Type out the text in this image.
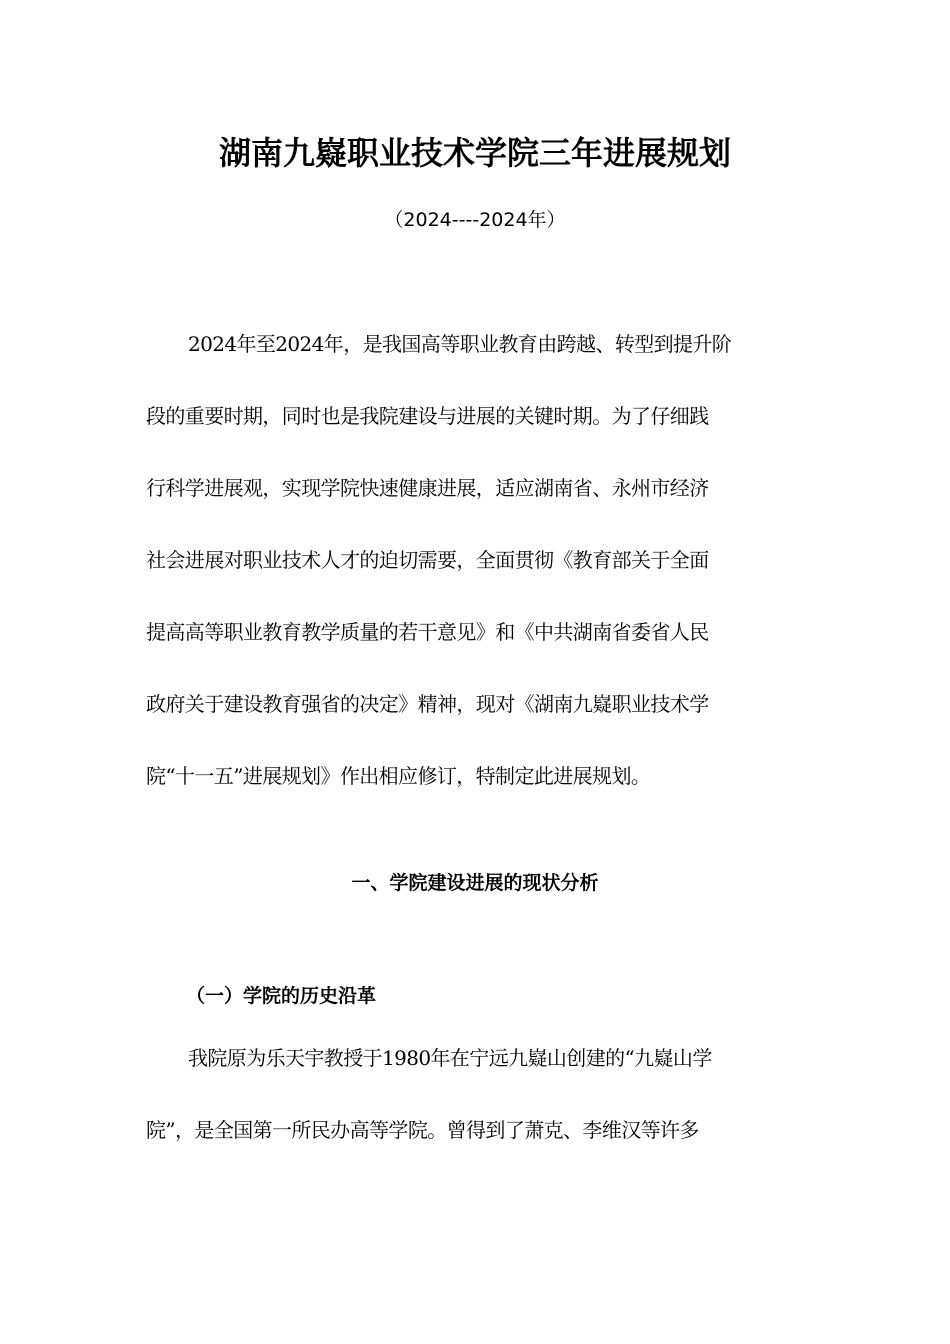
湖南九嶷职业技术学院三年进展规划
（2024----2024年）
2024年至2024年，是我国高等职业教育由跨越、转型到提升阶
段的重要时期，同时也是我院建设与进展的关键时期。为了仔细践
行科学进展观，实现学院快速健康进展，适应湖南省、永州市经济
社会进展对职业技术人才的迫切需要，全面贯彻《教育部关于全面
提高高等职业教育教学质量的若干意见》和《中共湖南省委省人民
政府关于建设教育强省的决定》精神，现对《湖南九嶷职业技术学
院“十一五”进展规划》作出相应修订，特制定此进展规划。
一、学院建设进展的现状分析
（一）学院的历史沿革
我院原为乐天宇教授于1980年在宁远九嶷山创建的“九嶷山学
院”，是全国第一所民办高等学院。曾得到了萧克、李维汉等许多
